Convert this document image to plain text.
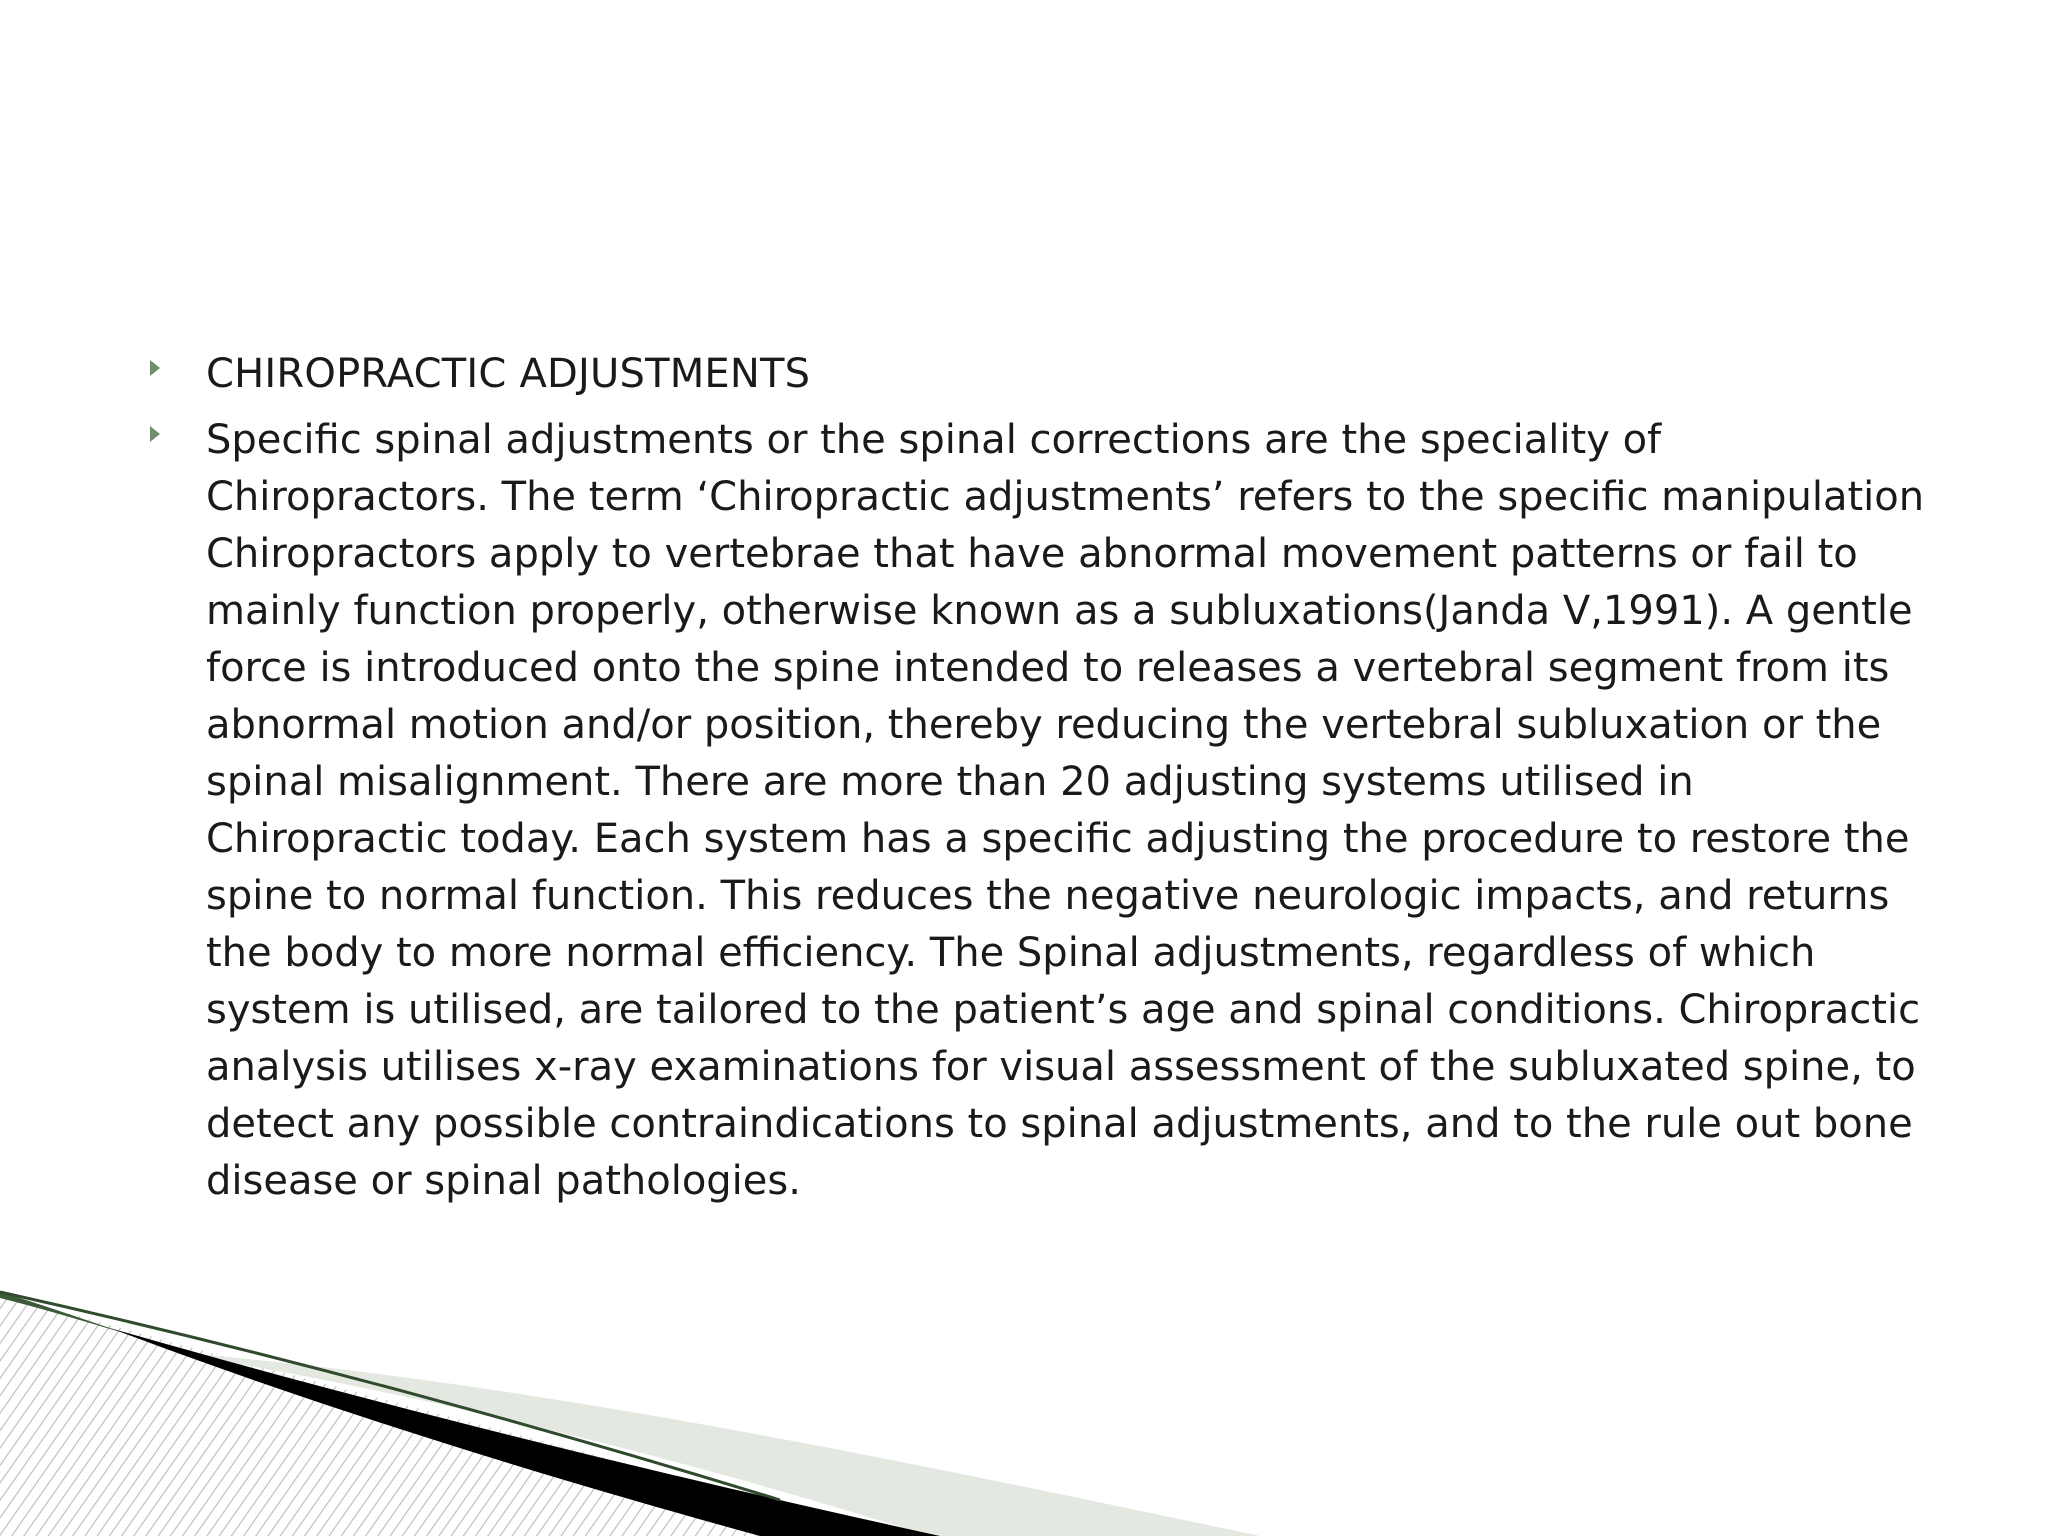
CHIROPRACTIC ADJUSTMENTS
Specific spinal adjustments or the spinal corrections are the speciality of Chiropractors. The term ‘Chiropractic adjustments’ refers to the specific manipulation Chiropractors apply to vertebrae that have abnormal movement patterns or fail to mainly function properly, otherwise known as a subluxations(Janda V,1991). A gentle force is introduced onto the spine intended to releases a vertebral segment from its abnormal motion and/or position, thereby reducing the vertebral subluxation or the spinal misalignment. There are more than 20 adjusting systems utilised in Chiropractic today. Each system has a specific adjusting the procedure to restore the spine to normal function. This reduces the negative neurologic impacts, and returns the body to more normal efficiency. The Spinal adjustments, regardless of which system is utilised, are tailored to the patient’s age and spinal conditions. Chiropractic analysis utilises x-ray examinations for visual assessment of the subluxated spine, to detect any possible contraindications to spinal adjustments, and to the rule out bone disease or spinal pathologies.
